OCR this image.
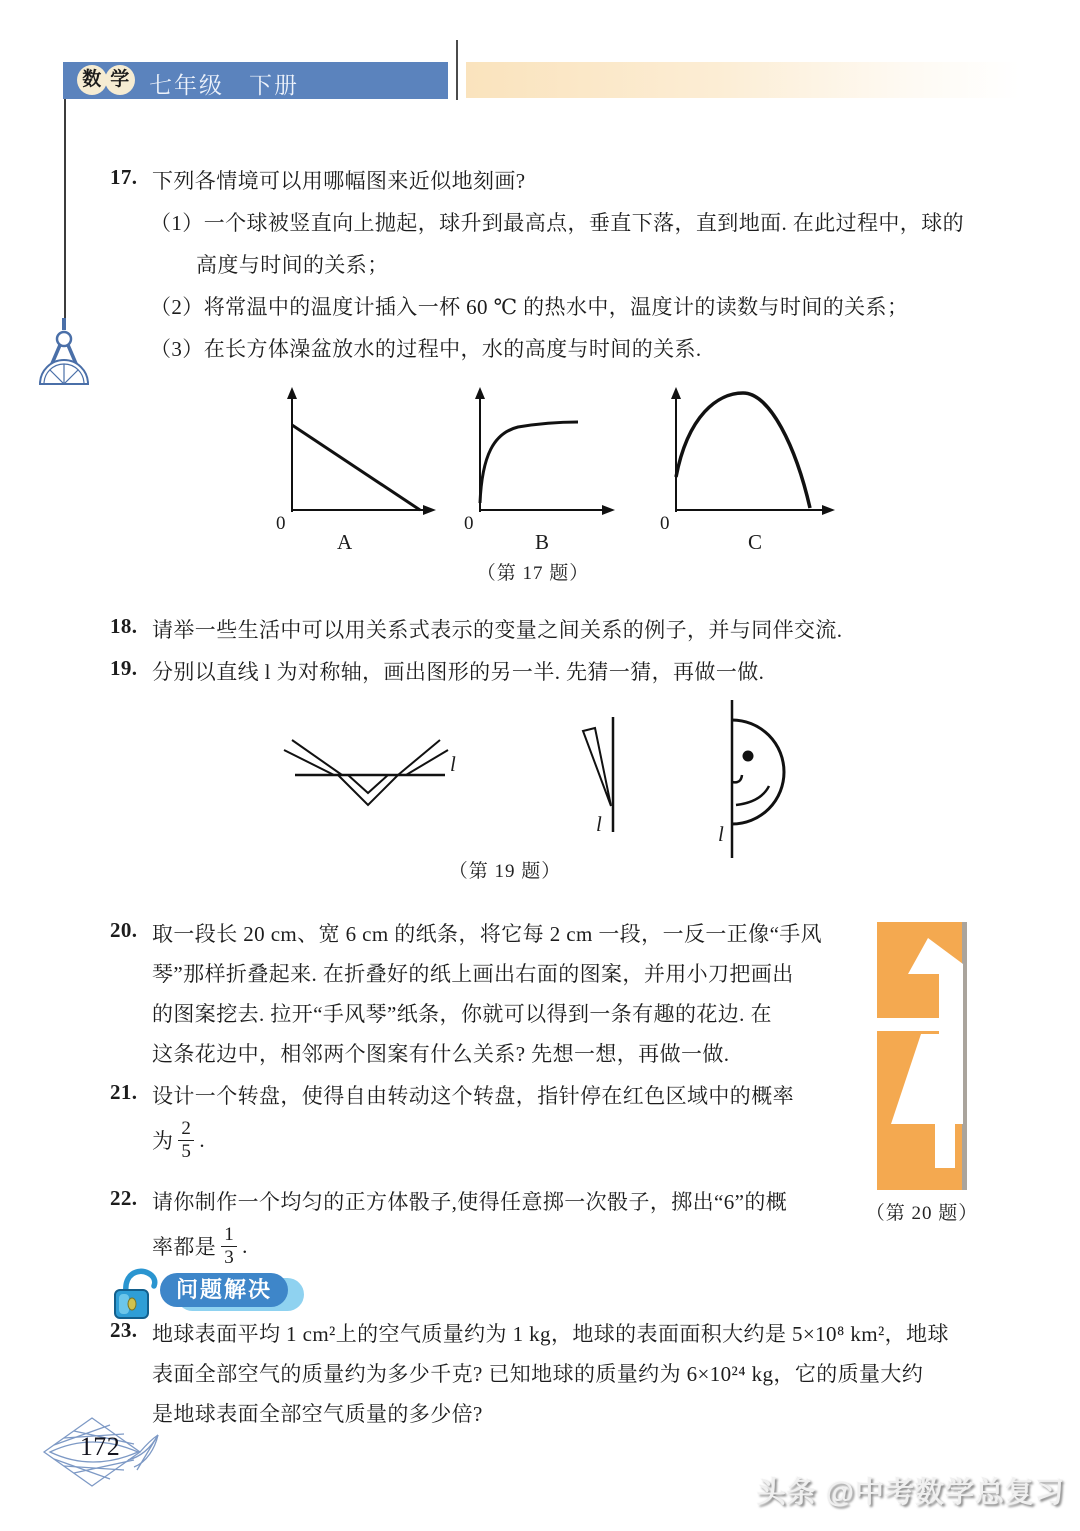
数 学 七年级　下册
17. 下列各情境可以用哪幅图来近似地刻画?
（1）一个球被竖直向上抛起，球升到最高点，垂直下落，直到地面. 在此过程中，球的
高度与时间的关系；
（2）将常温中的温度计插入一杯 60 ℃ 的热水中，温度计的读数与时间的关系；
（3）在长方体澡盆放水的过程中，水的高度与时间的关系.
0	0	0
A	B	C
（第 17 题）
18. 请举一些生活中可以用关系式表示的变量之间关系的例子，并与同伴交流.
19. 分别以直线 l 为对称轴，画出图形的另一半. 先猜一猜，再做一做.
l
l	l
（第 19 题）
20. 取一段长 20 cm、宽 6 cm 的纸条，将它每 2 cm 一段，一反一正像“手风
琴”那样折叠起来. 在折叠好的纸上画出右面的图案，并用小刀把画出
的图案挖去. 拉开“手风琴”纸条，你就可以得到一条有趣的花边. 在
这条花边中，相邻两个图案有什么关系? 先想一想，再做一做.
（第 20 题）
21. 设计一个转盘，使得自由转动这个转盘，指针停在红色区域中的概率
为 $\frac{2}{5}$ .
22. 请你制作一个均匀的正方体骰子,使得任意掷一次骰子，掷出“6”的概
率都是 $\frac{1}{3}$ .
问题解决
23. 地球表面平均 1 cm²上的空气质量约为 1 kg，地球的表面面积大约是 5×10⁸ km²，地球
表面全部空气的质量约为多少千克? 已知地球的质量约为 6×10²⁴ kg，它的质量大约
是地球表面全部空气质量的多少倍?
172
头条 @中考数学总复习
